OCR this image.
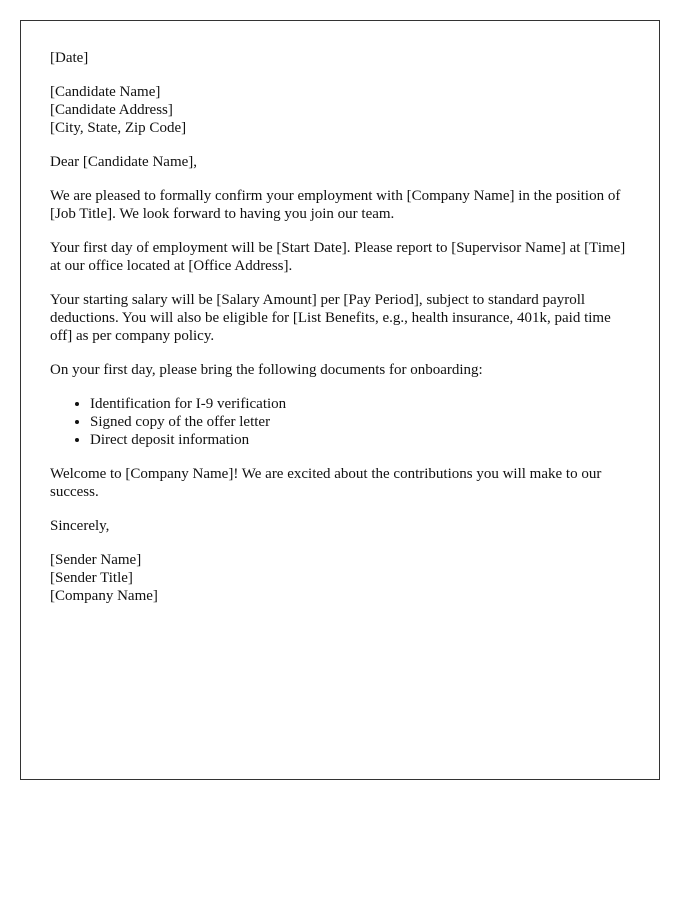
[Date]
[Candidate Name]
[Candidate Address]
[City, State, Zip Code]

Dear [Candidate Name],

We are pleased to formally confirm your employment with [Company Name] in the position of [Job Title]. We look forward to having you join our team.

Your first day of employment will be [Start Date]. Please report to [Supervisor Name] at [Time] at our office located at [Office Address].

Your starting salary will be [Salary Amount] per [Pay Period], subject to standard payroll deductions. You will also be eligible for [List Benefits, e.g., health insurance, 401k, paid time off] as per company policy.

On your first day, please bring the following documents for onboarding:

• Identification for I-9 verification
• Signed copy of the offer letter
• Direct deposit information

Welcome to [Company Name]! We are excited about the contributions you will make to our success.

Sincerely,

[Sender Name]
[Sender Title]
[Company Name]
